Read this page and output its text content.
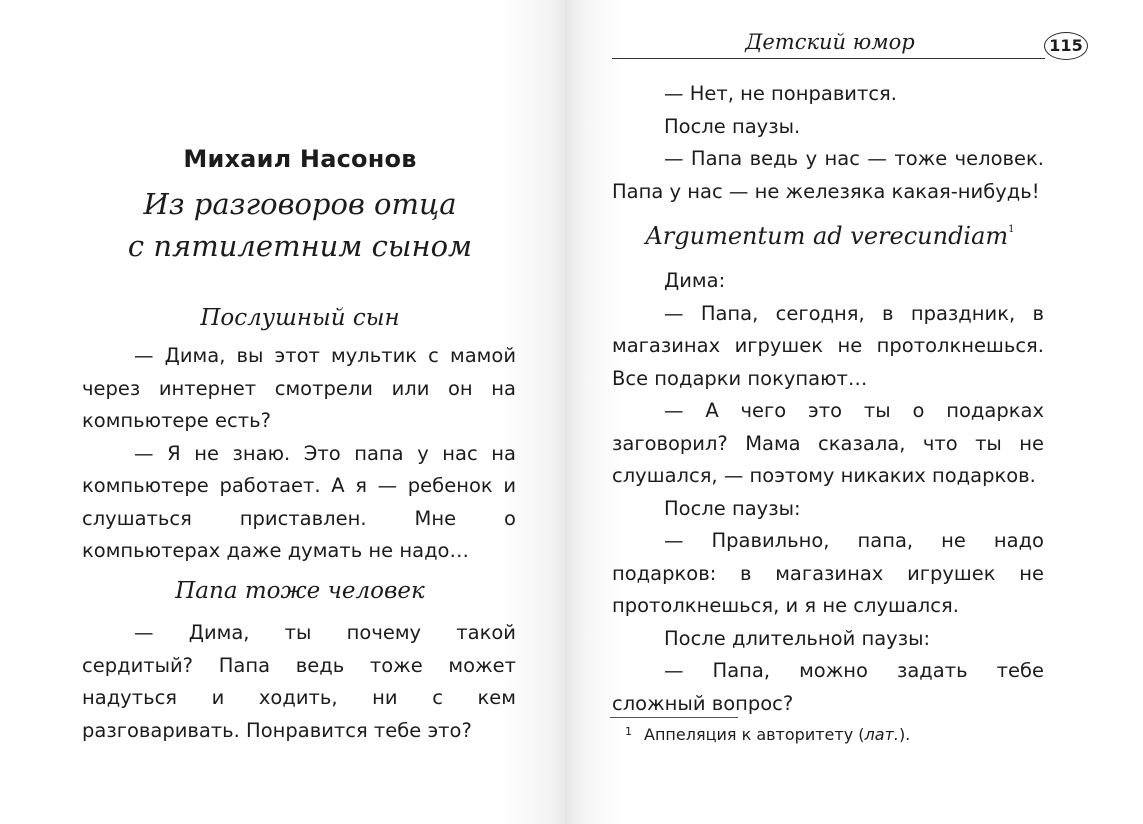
Михаил Насонов
Из разговоров отца
с пятилетним сыном
Послушный сын

— Дима, вы этот мультик с мамой через интернет смотрели или он на компьютере есть?

— Я не знаю. Это папа у нас на компьютере работает. А я — ребенок и слушаться приставлен. Мне о компьютерах даже думать не надо…

Папа тоже человек

— Дима, ты почему такой сердитый? Папа ведь тоже может надуться и ходить, ни с кем разговаривать. Понравится тебе это?

Детский юмор	115

— Нет, не понравится.

После паузы.

— Папа ведь у нас — тоже человек. Папа у нас — не железяка какая-нибудь!

Argumentum ad verecundiam$^1$

Дима:

— Папа, сегодня, в праздник, в магазинах игрушек не протолкнешься. Все подарки покупают…

— А чего это ты о подарках заговорил? Мама сказала, что ты не слушался, — поэтому никаких подарков.

После паузы:

— Правильно, папа, не надо подарков: в магазинах игрушек не протолкнешься, и я не слушался.

После длительной паузы:

— Папа, можно задать тебе сложный вопрос?

$^1$ Аппеляция к авторитету (лат.).
